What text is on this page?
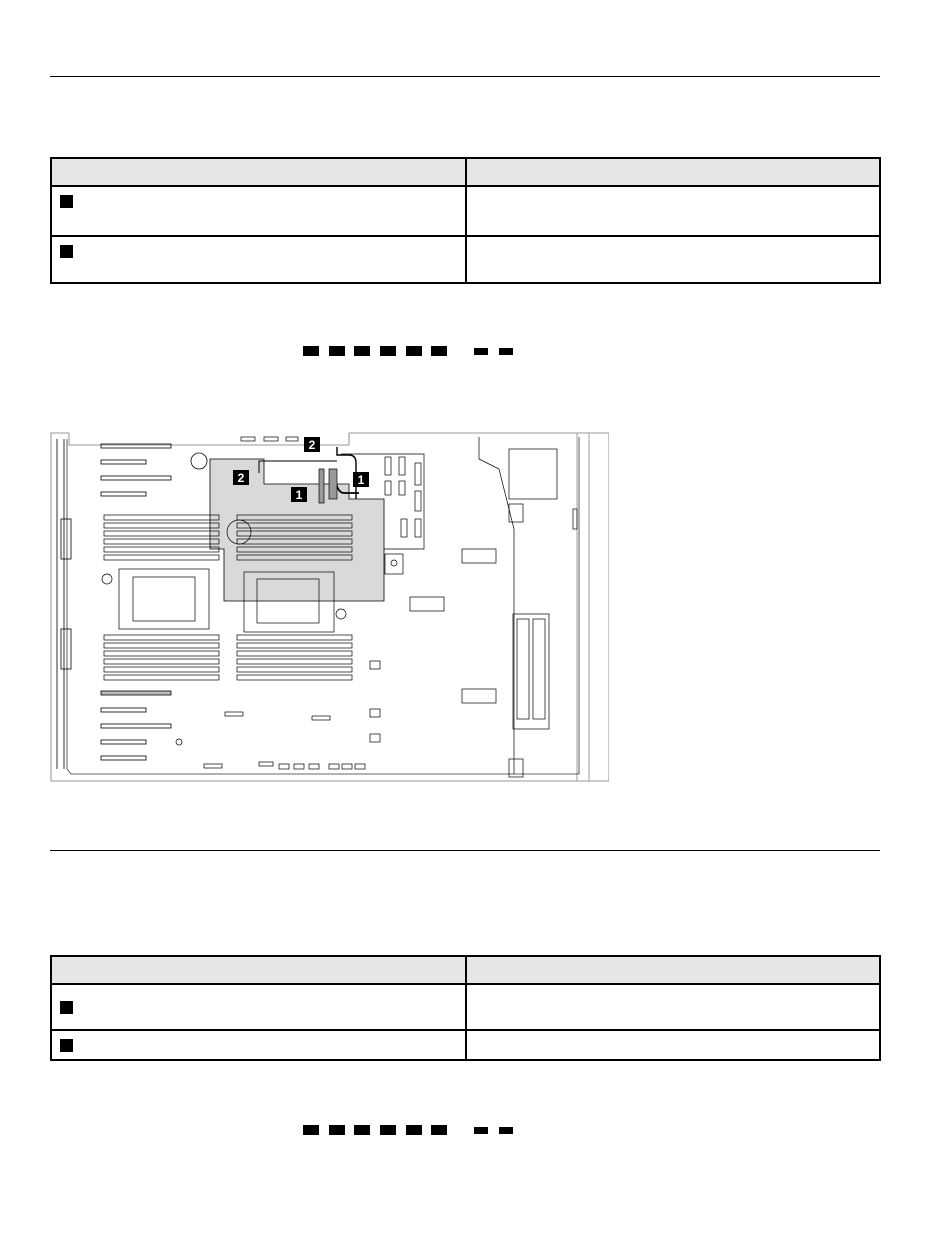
1
1
2
2
